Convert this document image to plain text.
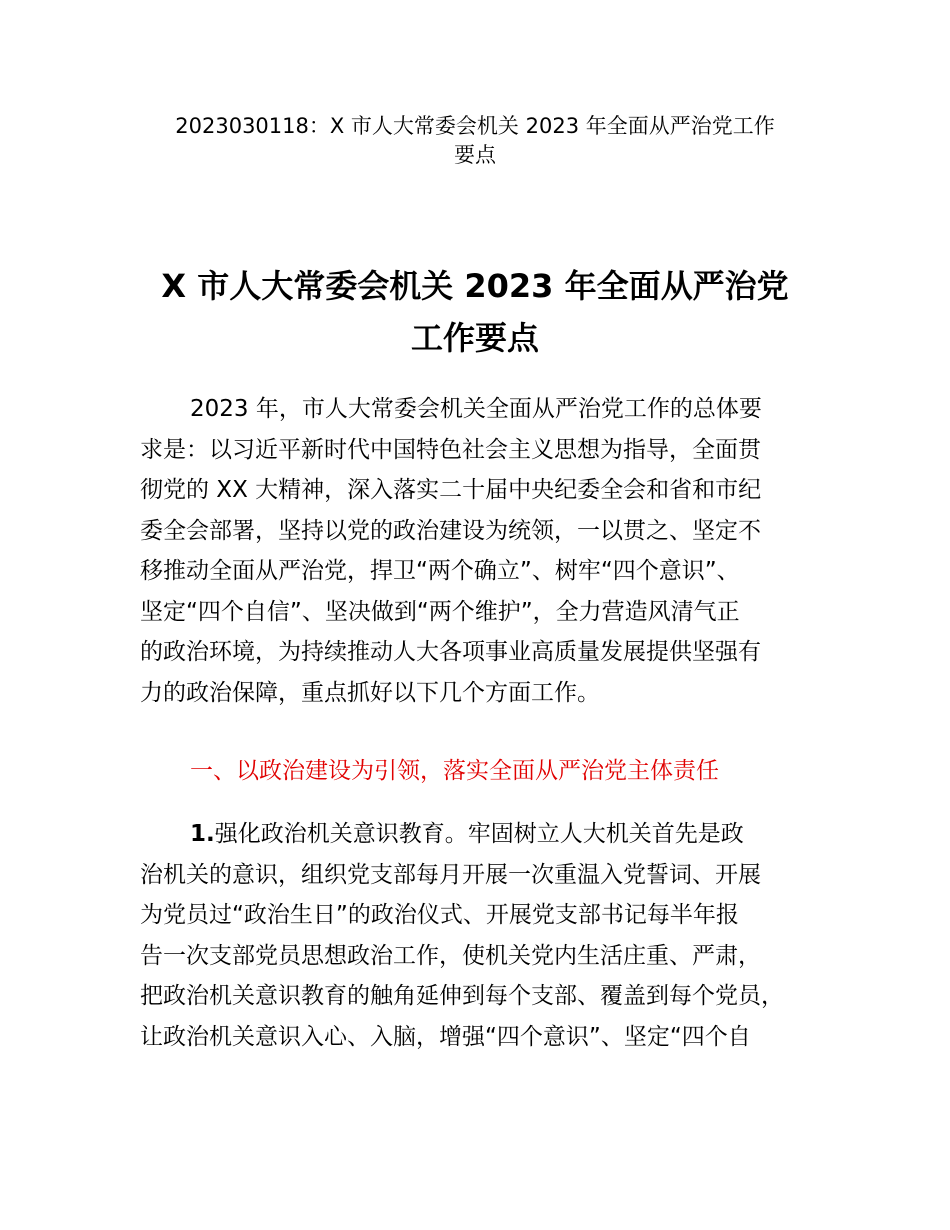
2023030118：X 市人大常委会机关 2023 年全面从严治党工作
要点
X 市人大常委会机关 2023 年全面从严治党
工作要点
2023 年，市人大常委会机关全面从严治党工作的总体要
求是：以习近平新时代中国特色社会主义思想为指导，全面贯
彻党的 XX 大精神，深入落实二十届中央纪委全会和省和市纪
委全会部署，坚持以党的政治建设为统领，一以贯之、坚定不
移推动全面从严治党，捍卫“两个确立”、树牢“四个意识”、
坚定“四个自信”、坚决做到“两个维护”，全力营造风清气正
的政治环境，为持续推动人大各项事业高质量发展提供坚强有
力的政治保障，重点抓好以下几个方面工作。
一、以政治建设为引领，落实全面从严治党主体责任
1.强化政治机关意识教育。牢固树立人大机关首先是政
治机关的意识，组织党支部每月开展一次重温入党誓词、开展
为党员过“政治生日”的政治仪式、开展党支部书记每半年报
告一次支部党员思想政治工作，使机关党内生活庄重、严肃，
把政治机关意识教育的触角延伸到每个支部、覆盖到每个党员，
让政治机关意识入心、入脑，增强“四个意识”、坚定“四个自
